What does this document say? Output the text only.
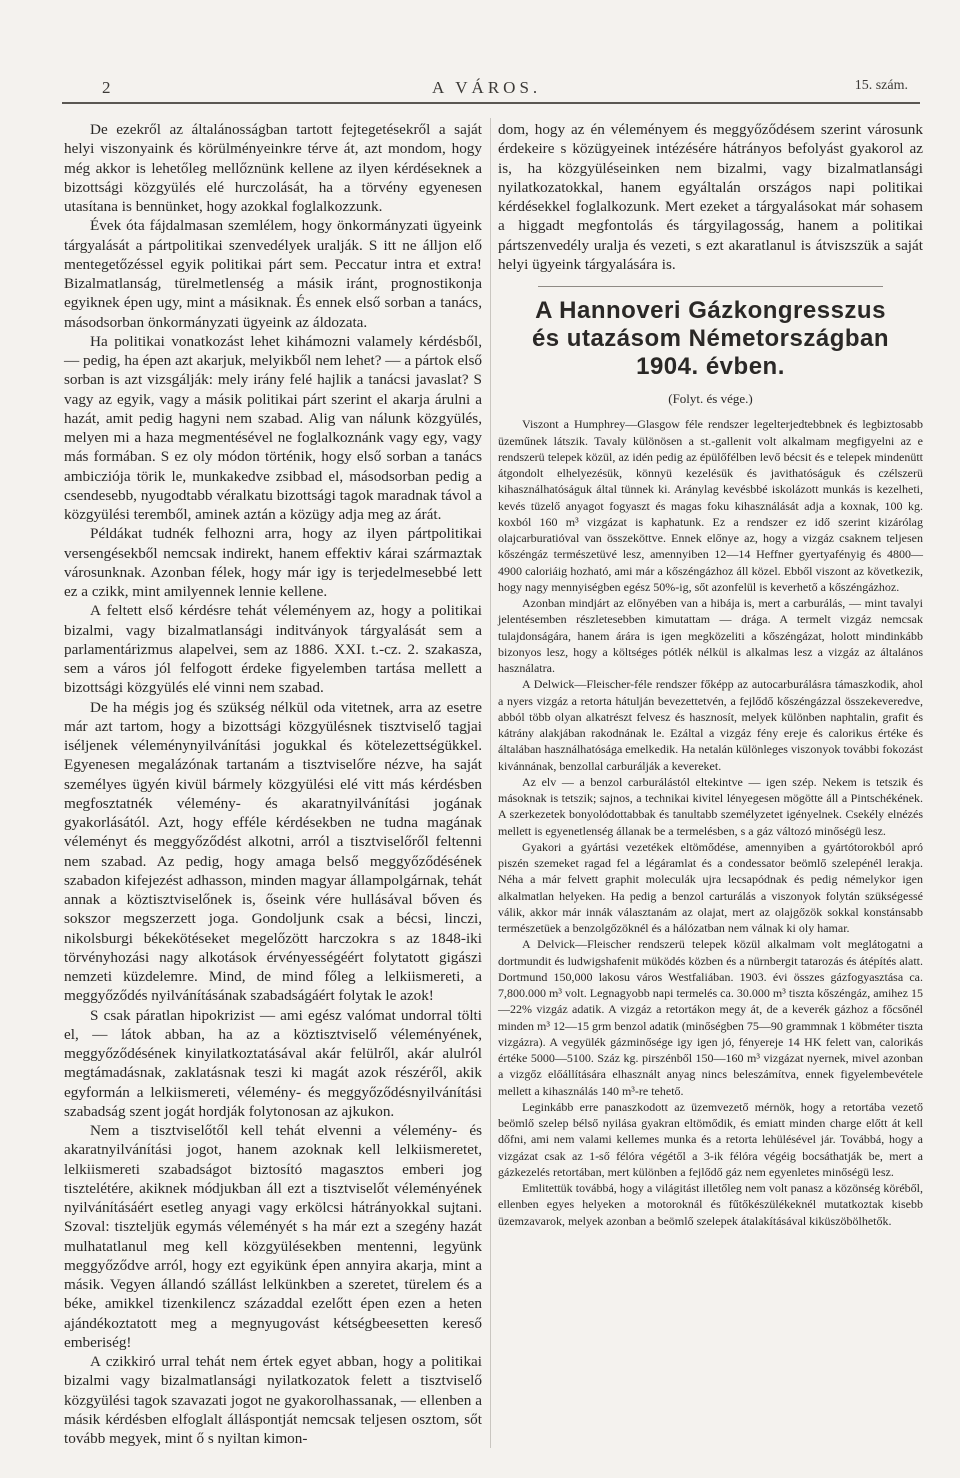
2	A VÁROS.	15. szám.

De ezekről az általánosságban tartott fejtegetésekről a saját helyi viszonyaink és körülményeinkre térve át, azt mondom, hogy még akkor is lehetőleg mellőznünk kellene az ilyen kérdéseknek a bizottsági közgyülés elé hurczolását, ha a törvény egyenesen utasítana is bennünket, hogy azokkal foglalkozzunk.

Évek óta fájdalmasan szemlélem, hogy önkormányzati ügyeink tárgyalását a pártpolitikai szenvedélyek uralják. S itt ne álljon elő mentegetőzéssel egyik politikai párt sem. Peccatur intra et extra! Bizalmatlanság, türelmetlenség a másik iránt, prognostikonja egyiknek épen ugy, mint a másiknak. És ennek első sorban a tanács, másodsorban önkormányzati ügyeink az áldozata.

Ha politikai vonatkozást lehet kihámozni valamely kérdésből, — pedig, ha épen azt akarjuk, melyikből nem lehet? — a pártok első sorban is azt vizsgálják: mely irány felé hajlik a tanácsi javaslat? S vagy az egyik, vagy a másik politikai párt szerint el akarja árulni a hazát, amit pedig hagyni nem szabad. Alig van nálunk közgyülés, melyen mi a haza megmentésével ne foglalkoznánk vagy egy, vagy más formában. S ez oly módon történik, hogy első sorban a tanács ambicziója törik le, munkakedve zsibbad el, másodsorban pedig a csendesebb, nyugodtabb véralkatu bizottsági tagok maradnak távol a közgyülési teremből, aminek aztán a közügy adja meg az árát.

Példákat tudnék felhozni arra, hogy az ilyen pártpolitikai versengésekből nemcsak indirekt, hanem effektiv kárai származtak városunknak. Azonban félek, hogy már igy is terjedelmesebbé lett ez a czikk, mint amilyennek lennie kellene.

A feltett első kérdésre tehát véleményem az, hogy a politikai bizalmi, vagy bizalmatlansági inditványok tárgyalását sem a parlamentárizmus alapelvei, sem az 1886. XXI. t.-cz. 2. szakasza, sem a város jól felfogott érdeke figyelemben tartása mellett a bizottsági közgyülés elé vinni nem szabad.

De ha mégis jog és szükség nélkül oda vitetnek, arra az esetre már azt tartom, hogy a bizottsági közgyülésnek tisztviselő tagjai iséljenek véleménynyilvánítási jogukkal és kötelezettségükkel. Egyenesen megalázónak tartanám a tisztviselőre nézve, ha saját személyes ügyén kivül bármely közgyülési elé vitt más kérdésben megfosztatnék vélemény- és akaratnyilvánítási jogának gyakorlásától. Azt, hogy efféle kérdésekben ne tudna magának véleményt és meggyőződést alkotni, arról a tisztviselőről feltenni nem szabad. Az pedig, hogy amaga belső meggyőződésének szabadon kifejezést adhasson, minden magyar állampolgárnak, tehát annak a köztisztviselőnek is, őseink vére hullásával bőven és sokszor megszerzett joga. Gondoljunk csak a bécsi, linczi, nikolsburgi békekötéseket megelőzött harczokra s az 1848-iki törvényhozási nagy alkotások érvényességéért folytatott gigászi nemzeti küzdelemre. Mind, de mind főleg a lelkiismereti, a meggyőződés nyilvánításának szabadságáért folytak le azok!

S csak páratlan hipokrizist — ami egész valómat undorral tölti el, — látok abban, ha az a köztisztviselő véleményének, meggyőződésének kinyilatkoztatásával akár felülről, akár alulról megtámadásnak, zaklatásnak teszi ki magát azok részéről, akik egyformán a lelkiismereti, vélemény- és meggyőződésnyilvánítási szabadság szent jogát hordják folytonosan az ajkukon.

Nem a tisztviselőtől kell tehát elvenni a vélemény- és akaratnyilvánítási jogot, hanem azoknak kell lelkiismeretet, lelkiismereti szabadságot biztosító magasztos emberi jog tisztelétére, akiknek módjukban áll ezt a tisztviselőt véleményének nyilvánításáért esetleg anyagi vagy erkölcsi hátrányokkal sujtani. Szoval: tiszteljük egymás véleményét s ha már ezt a szegény hazát mulhatatlanul meg kell közgyülésekben mentenni, legyünk meggyőződve arról, hogy ezt egyikünk épen annyira akarja, mint a másik. Vegyen állandó szállást lelkünkben a szeretet, türelem és a béke, amikkel tizenkilencz századdal ezelőtt épen ezen a heten ajándékoztatott meg a megnyugovást kétségbeesetten kereső emberiség!

A czikkiró urral tehát nem értek egyet abban, hogy a politikai bizalmi vagy bizalmatlansági nyilatkozatok felett a tisztviselő közgyülési tagok szavazati jogot ne gyakorolhassanak, — ellenben a másik kérdésben elfoglalt álláspontját nemcsak teljesen osztom, sőt tovább megyek, mint ő s nyiltan kimon-

dom, hogy az én véleményem és meggyőződésem szerint városunk érdekeire s közügyeinek intézésére hátrányos befolyást gyakorol az is, ha közgyüléseinken nem bizalmi, vagy bizalmatlansági nyilatkozatokkal, hanem egyáltalán országos napi politikai kérdésekkel foglalkozunk. Mert ezeket a tárgyalásokat már sohasem a higgadt megfontolás és tárgyilagosság, hanem a politikai pártszenvedély uralja és vezeti, s ezt akaratlanul is átviszszük a saját helyi ügyeink tárgyalására is.

A Hannoveri Gázkongresszus
és utazásom Németországban
1904. évben.
(Folyt. és vége.)

Viszont a Humphrey—Glasgow féle rendszer legelterjedtebbnek és legbiztosabb üzeműnek látszik. Tavaly különösen a st.-gallenit volt alkalmam megfigyelni az e rendszerü telepek közül, az idén pedig az épülőfélben levő bécsit és e telepek mindenütt átgondolt elhelyezésük, könnyü kezelésük és javithatóságuk és czélszerü kihasználhatóságuk által tünnek ki. Aránylag kevésbbé iskolázott munkás is kezelheti, kevés tüzelő anyagot fogyaszt és magas foku kihasználását adja a koxnak, 100 kg. koxból 160 m³ vizgázat is kaphatunk. Ez a rendszer ez idő szerint kizárólag olajcarburatióval van összeköttve. Ennek előnye az, hogy a vizgáz csaknem teljesen kőszéngáz természetüvé lesz, amennyiben 12—14 Heffner gyertyafényig és 4800—4900 caloriáig hozható, ami már a kőszéngázhoz áll közel. Ebből viszont az következik, hogy nagy mennyiségben egész 50%-ig, sőt azonfelül is keverhető a kőszéngázhoz.

Azonban mindjárt az előnyében van a hibája is, mert a carburálás, — mint tavalyi jelentésemben részletesebben kimutattam — drága. A termelt vizgáz nemcsak tulajdonságára, hanem árára is igen megközeliti a kőszéngázat, holott mindinkább bizonyos lesz, hogy a költséges pótlék nélkül is alkalmas lesz a vizgáz az általános használatra.

A Delwick—Fleischer-féle rendszer főképp az autocarburálásra támaszkodik, ahol a nyers vizgáz a retorta hátulján bevezettetvén, a fejlődő kőszéngázzal összekeveredve, abból több olyan alkatrészt felvesz és hasznosít, melyek különben naphtalin, grafit és kátrány alakjában rakodnának le. Ezáltal a vizgáz fény ereje és calorikus értéke és általában használhatósága emelkedik. Ha netalán különleges viszonyok további fokozást kivánnának, benzollal carburálják a kevereket.

Az elv — a benzol carburálástól eltekintve — igen szép. Nekem is tetszik és másoknak is tetszik; sajnos, a technikai kivitel lényegesen mögötte áll a Pintschékének. A szerkezetek bonyolódottabbak és tanultabb személyzetet igényelnek. Csekély elnézés mellett is egyenetlenség állanak be a termelésben, s a gáz változó minőségü lesz.

Gyakori a gyártási vezetékek eltömődése, amennyiben a gyártótorokból apró piszén szemeket ragad fel a légáramlat és a condessator beömlő szelepénél lerakja. Néha a már felvett graphit moleculák ujra lecsapódnak és pedig némelykor igen alkalmatlan helyeken. Ha pedig a benzol carturálás a viszonyok folytán szükségessé válik, akkor már innák választanám az olajat, mert az olajgőzök sokkal konstánsabb természetüek a benzolgőzöknél és a hálózatban nem válnak ki oly hamar.

A Delvick—Fleischer rendszerü telepek közül alkalmam volt meglátogatni a dortmundit és ludwigshafenit müködés közben és a nürnbergit tatarozás és átépítés alatt. Dortmund 150,000 lakosu város Westfaliában. 1903. évi összes gázfogyasztása ca. 7,800.000 m³ volt. Legnagyobb napi termelés ca. 30.000 m³ tiszta kőszéngáz, amihez 15—22% vizgáz adatik. A vizgáz a retortákon megy át, de a keverék gázhoz a főcsőnél minden m³ 12—15 grm benzol adatik (minőségben 75—90 grammnak 1 köbméter tiszta vizgázra). A vegyülék gázminősége igy igen jó, fényereje 14 HK felett van, calorikás értéke 5000—5100. Száz kg. pirszénből 150—160 m³ vizgázat nyernek, mivel azonban a vizgőz előállítására elhasznált anyag nincs beleszámítva, ennek figyelembevétele mellett a kihasználás 140 m³-re tehető.

Leginkább erre panaszkodott az üzemvezető mérnök, hogy a retortába vezető beömlő szelep bélső nyilása gyakran eltömődik, és emiatt minden charge előtt át kell dőfni, ami nem valami kellemes munka és a retorta lehülésével jár. Továbbá, hogy a vizgázat csak az 1-ső félóra végétől a 3-ik félóra végéig bocsáthatják be, mert a gázkezelés retortában, mert különben a fejlődő gáz nem egyenletes minőségü lesz.

Emlitettük továbbá, hogy a világitást illetőleg nem volt panasz a közönség köréből, ellenben egyes helyeken a motoroknál és fűtőkészülékeknél mutatkoztak kisebb üzemzavarok, melyek azonban a beömlő szelepek átalakításával kiküszöbölhetők.
